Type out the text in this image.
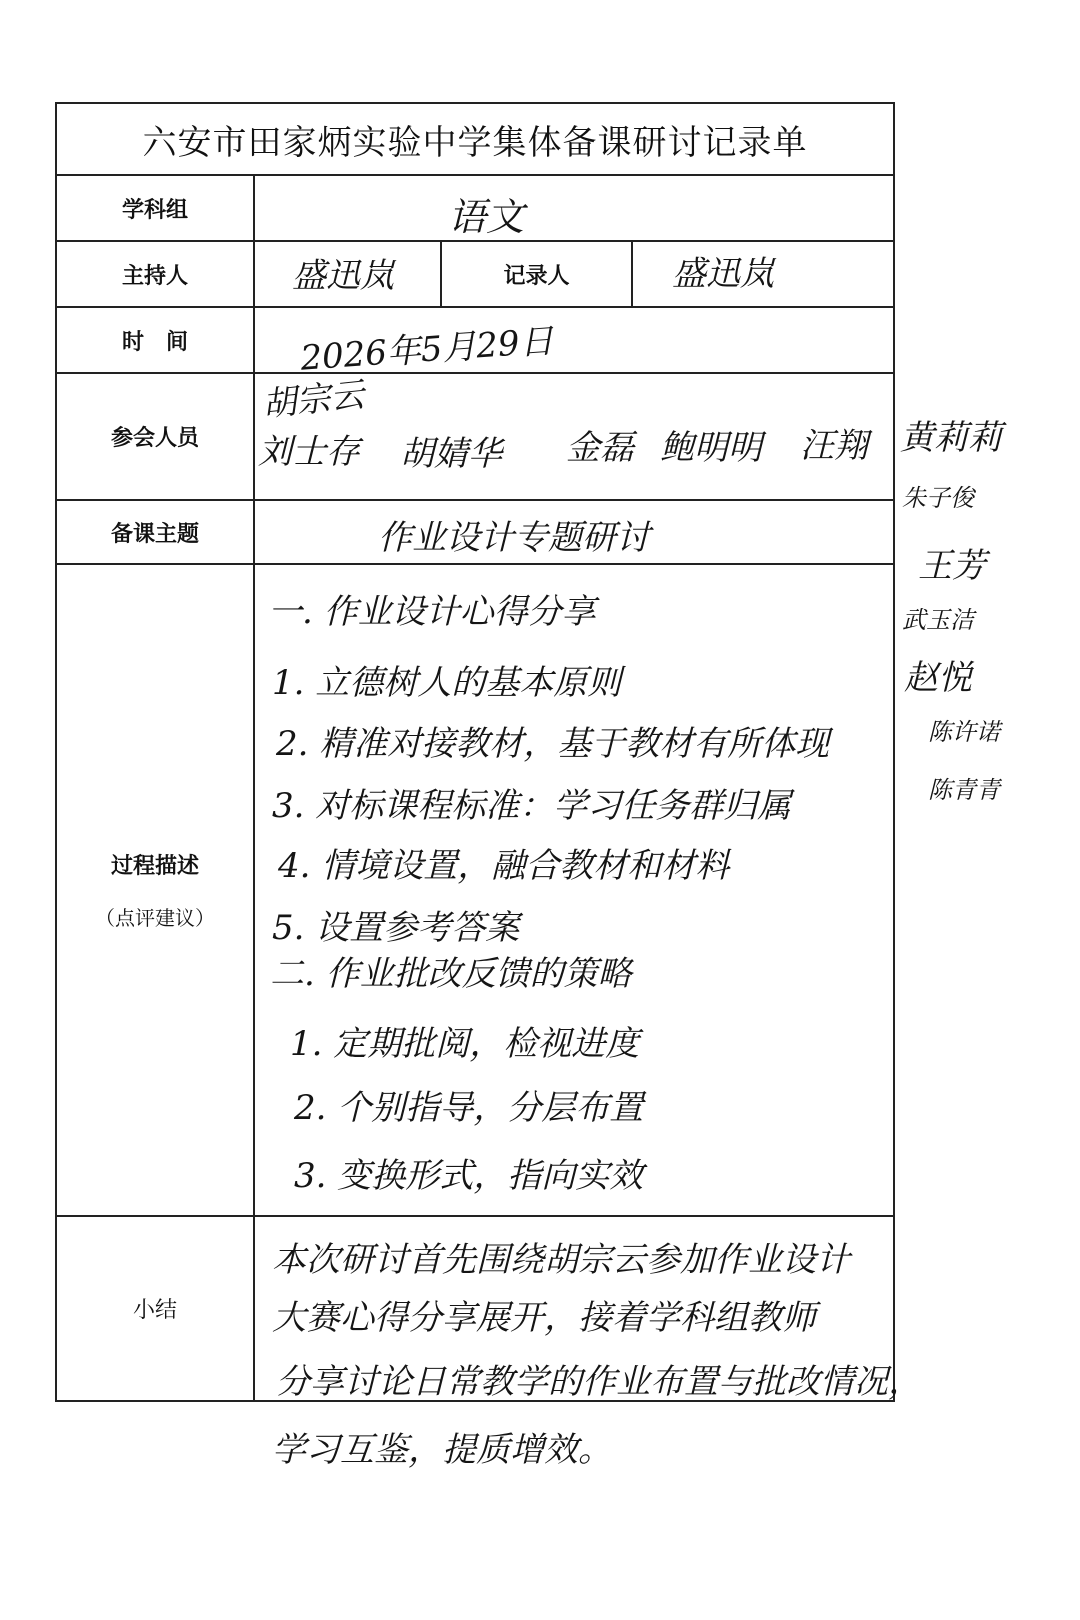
六安市田家炳实验中学集体备课研讨记录单
学科组
主持人	记录人
时　间
参会人员
备课主题
过程描述
（点评建议）
小结
语文
盛迅岚	盛迅岚
2026年5月29日
胡宗云
刘士存 胡婧华 金磊 鲍明明 汪翔 黄莉莉
朱子俊
王芳
武玉洁
赵悦
陈许诺
陈青青
作业设计专题研讨
一. 作业设计心得分享
1. 立德树人的基本原则
2. 精准对接教材，基于教材有所体现
3. 对标课程标准：学习任务群归属
4. 情境设置，融合教材和材料
5. 设置参考答案
二. 作业批改反馈的策略
1. 定期批阅，检视进度
2. 个别指导，分层布置
3. 变换形式，指向实效
本次研讨首先围绕胡宗云参加作业设计
大赛心得分享展开，接着学科组教师
分享讨论日常教学的作业布置与批改情况，
学习互鉴，提质增效。
